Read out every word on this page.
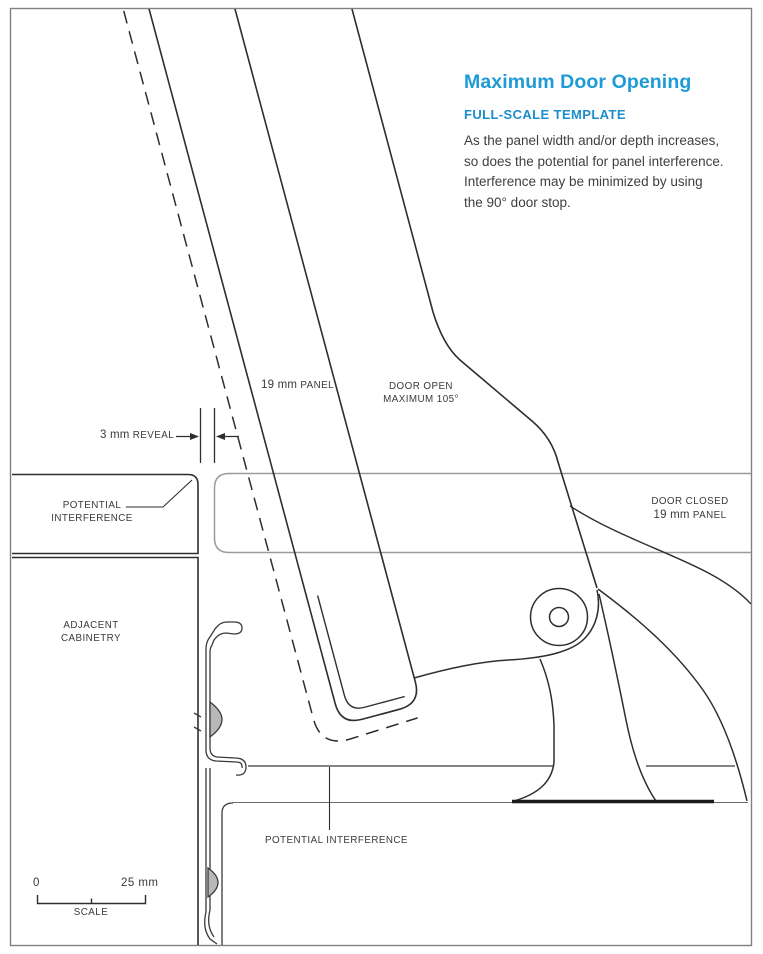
Maximum Door Opening
FULL-SCALE TEMPLATE
As the panel width and/or depth increases,
so does the potential for panel interference.
Interference may be minimized by using
the 90° door stop.
19 mm PANEL	DOOR OPEN
MAXIMUM 105°
3 mm REVEAL
POTENTIAL
INTERFERENCE
DOOR CLOSED
19 mm PANEL
ADJACENT
CABINETRY
POTENTIAL INTERFERENCE
0	25 mm
SCALE
